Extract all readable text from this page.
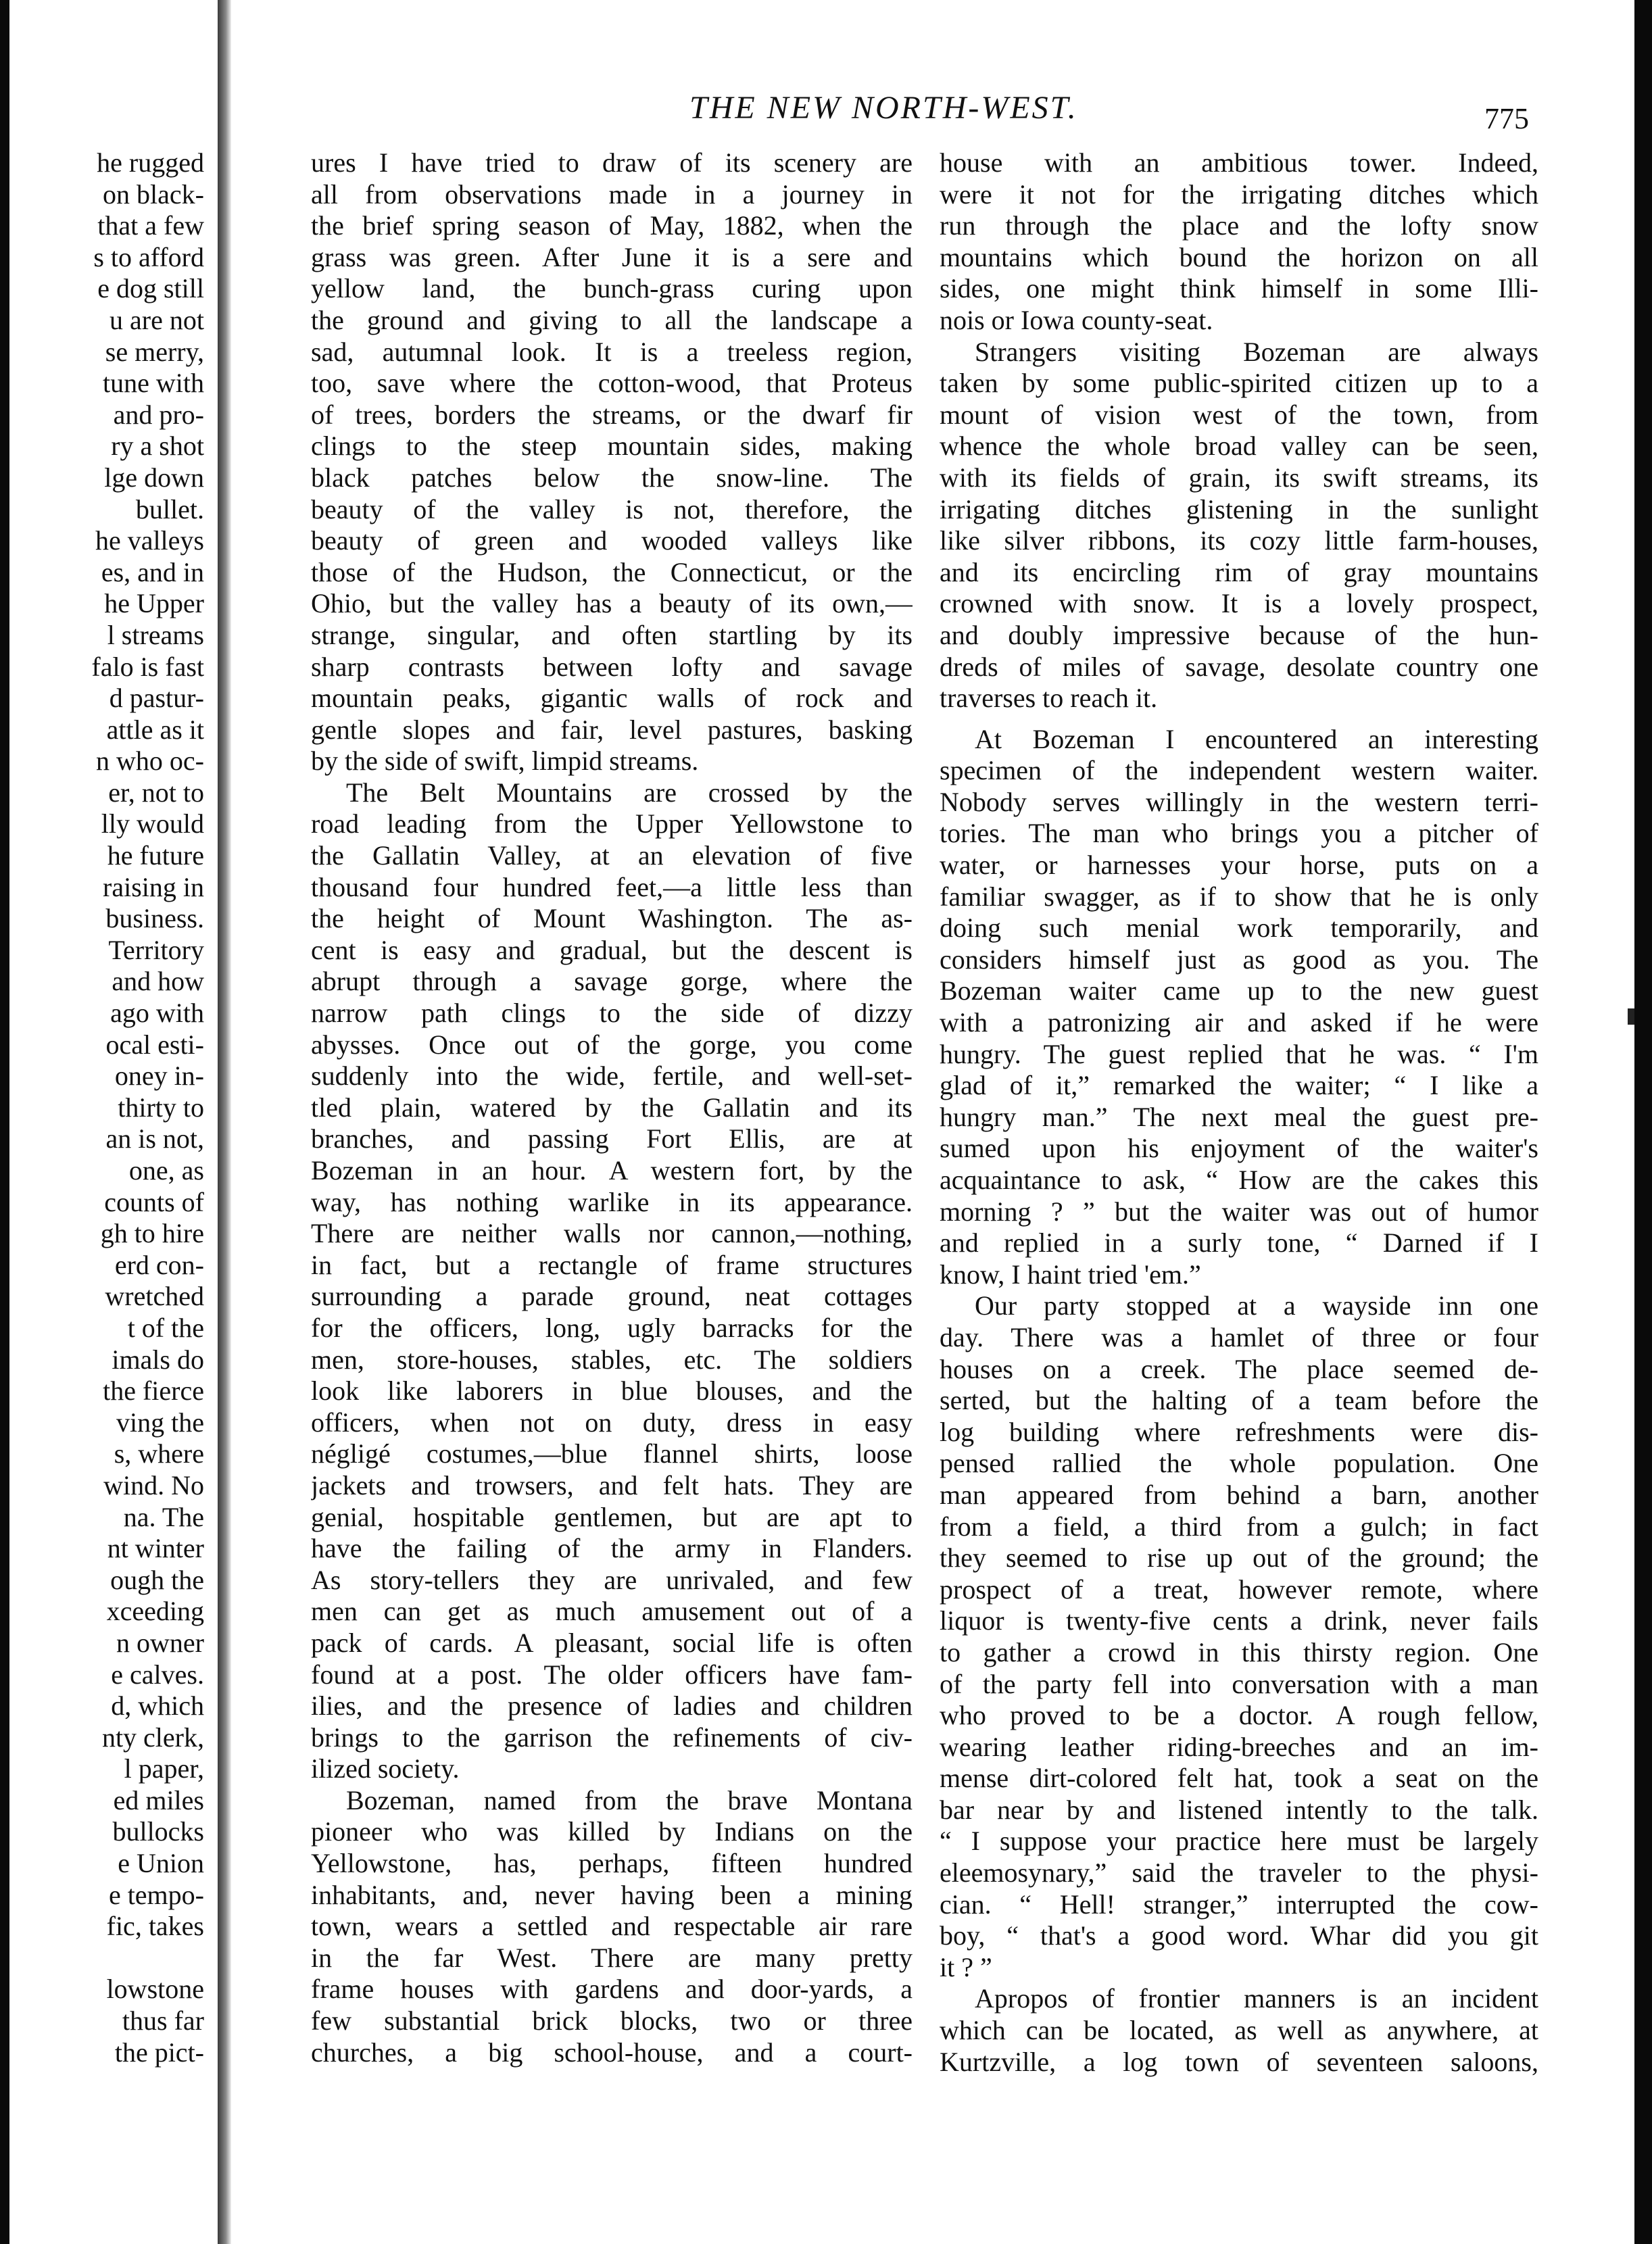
THE NEW NORTH-WEST.	775
he rugged
on black-
that a few
s to afford
e dog still
u are not
se merry,
tune with
and pro-
ry a shot
lge down
bullet.
he valleys
es, and in
he Upper
l streams
falo is fast
d pastur-
attle as it
n who oc-
er, not to
lly would
he future
raising in
business.
Territory
and how
ago with
ocal esti-
oney in-
thirty to
an is not,
one, as
counts of
gh to hire
erd con-
wretched
t of the
imals do
the fierce
ving the
s, where
wind. No
na. The
nt winter
ough the
xceeding
n owner
e calves.
d, which
nty clerk,
l paper,
ed miles
bullocks
e Union
e tempo-
fic, takes
lowstone
thus far
the pict-
ures I have tried to draw of its scenery are
all from observations made in a journey in
the brief spring season of May, 1882, when the
grass was green. After June it is a sere and
yellow land, the bunch-grass curing upon
the ground and giving to all the landscape a
sad, autumnal look. It is a treeless region,
too, save where the cotton-wood, that Proteus
of trees, borders the streams, or the dwarf fir
clings to the steep mountain sides, making
black patches below the snow-line. The
beauty of the valley is not, therefore, the
beauty of green and wooded valleys like
those of the Hudson, the Connecticut, or the
Ohio, but the valley has a beauty of its own,—
strange, singular, and often startling by its
sharp contrasts between lofty and savage
mountain peaks, gigantic walls of rock and
gentle slopes and fair, level pastures, basking
by the side of swift, limpid streams.
The Belt Mountains are crossed by the
road leading from the Upper Yellowstone to
the Gallatin Valley, at an elevation of five
thousand four hundred feet,—a little less than
the height of Mount Washington. The as-
cent is easy and gradual, but the descent is
abrupt through a savage gorge, where the
narrow path clings to the side of dizzy
abysses. Once out of the gorge, you come
suddenly into the wide, fertile, and well-set-
tled plain, watered by the Gallatin and its
branches, and passing Fort Ellis, are at
Bozeman in an hour. A western fort, by the
way, has nothing warlike in its appearance.
There are neither walls nor cannon,—nothing,
in fact, but a rectangle of frame structures
surrounding a parade ground, neat cottages
for the officers, long, ugly barracks for the
men, store-houses, stables, etc. The soldiers
look like laborers in blue blouses, and the
officers, when not on duty, dress in easy
négligé costumes,—blue flannel shirts, loose
jackets and trowsers, and felt hats. They are
genial, hospitable gentlemen, but are apt to
have the failing of the army in Flanders.
As story-tellers they are unrivaled, and few
men can get as much amusement out of a
pack of cards. A pleasant, social life is often
found at a post. The older officers have fam-
ilies, and the presence of ladies and children
brings to the garrison the refinements of civ-
ilized society.
Bozeman, named from the brave Montana
pioneer who was killed by Indians on the
Yellowstone, has, perhaps, fifteen hundred
inhabitants, and, never having been a mining
town, wears a settled and respectable air rare
in the far West. There are many pretty
frame houses with gardens and door-yards, a
few substantial brick blocks, two or three
churches, a big school-house, and a court-
house with an ambitious tower. Indeed,
were it not for the irrigating ditches which
run through the place and the lofty snow
mountains which bound the horizon on all
sides, one might think himself in some Illi-
nois or Iowa county-seat.
Strangers visiting Bozeman are always
taken by some public-spirited citizen up to a
mount of vision west of the town, from
whence the whole broad valley can be seen,
with its fields of grain, its swift streams, its
irrigating ditches glistening in the sunlight
like silver ribbons, its cozy little farm-houses,
and its encircling rim of gray mountains
crowned with snow. It is a lovely prospect,
and doubly impressive because of the hun-
dreds of miles of savage, desolate country one
traverses to reach it.
At Bozeman I encountered an interesting
specimen of the independent western waiter.
Nobody serves willingly in the western terri-
tories. The man who brings you a pitcher of
water, or harnesses your horse, puts on a
familiar swagger, as if to show that he is only
doing such menial work temporarily, and
considers himself just as good as you. The
Bozeman waiter came up to the new guest
with a patronizing air and asked if he were
hungry. The guest replied that he was. “ I'm
glad of it,” remarked the waiter; “ I like a
hungry man.” The next meal the guest pre-
sumed upon his enjoyment of the waiter's
acquaintance to ask, “ How are the cakes this
morning ? ” but the waiter was out of humor
and replied in a surly tone, “ Darned if I
know, I haint tried 'em.”
Our party stopped at a wayside inn one
day. There was a hamlet of three or four
houses on a creek. The place seemed de-
serted, but the halting of a team before the
log building where refreshments were dis-
pensed rallied the whole population. One
man appeared from behind a barn, another
from a field, a third from a gulch; in fact
they seemed to rise up out of the ground; the
prospect of a treat, however remote, where
liquor is twenty-five cents a drink, never fails
to gather a crowd in this thirsty region. One
of the party fell into conversation with a man
who proved to be a doctor. A rough fellow,
wearing leather riding-breeches and an im-
mense dirt-colored felt hat, took a seat on the
bar near by and listened intently to the talk.
“ I suppose your practice here must be largely
eleemosynary,” said the traveler to the physi-
cian. “ Hell! stranger,” interrupted the cow-
boy, “ that's a good word. Whar did you git
it ? ”
Apropos of frontier manners is an incident
which can be located, as well as anywhere, at
Kurtzville, a log town of seventeen saloons,
